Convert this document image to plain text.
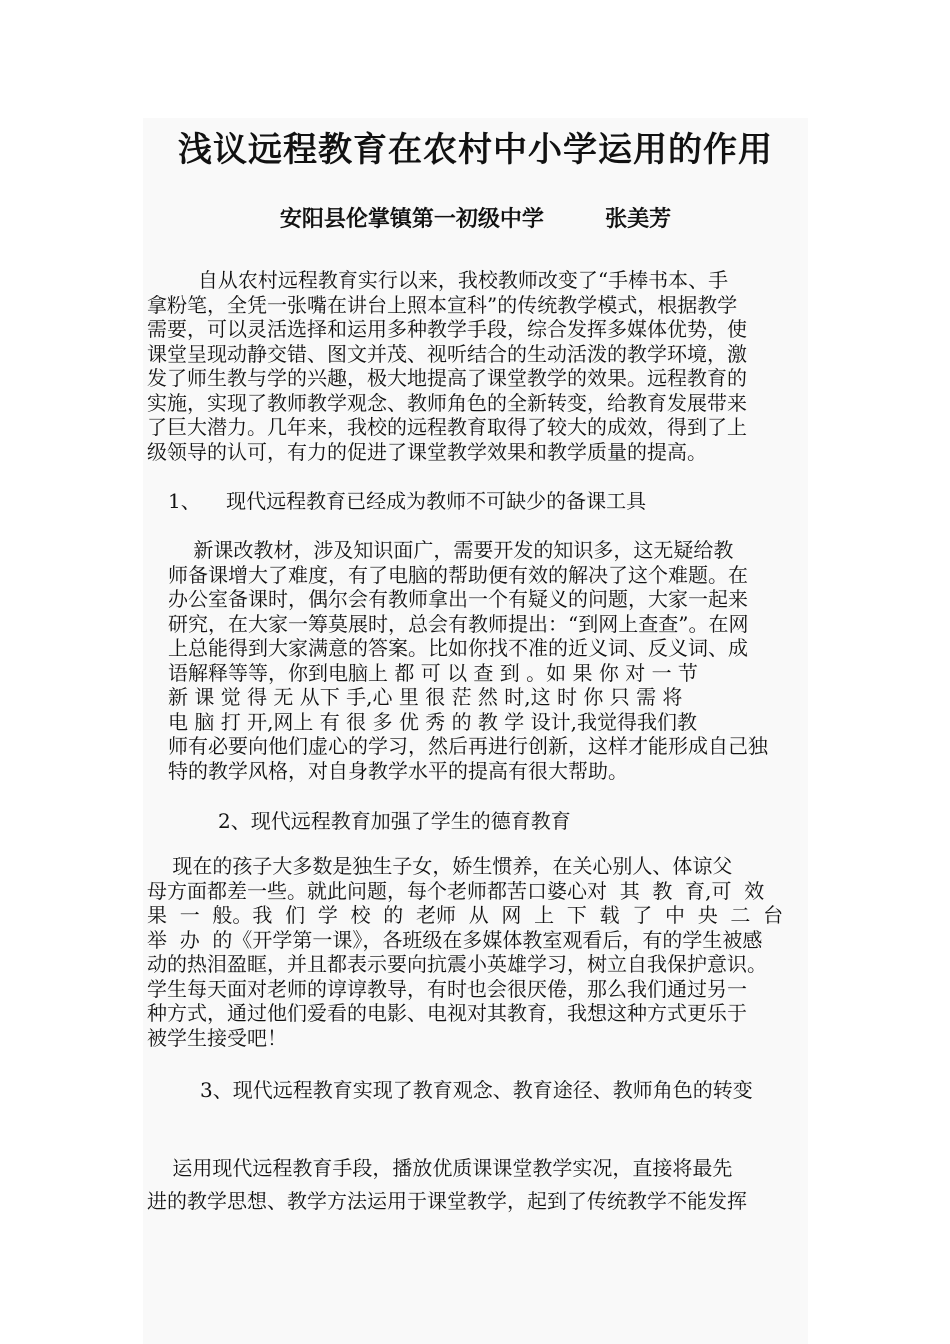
浅议远程教育在农村中小学运用的作用
安阳县伦掌镇第一初级中学        张美芳
自从农村远程教育实行以来，我校教师改变了“手棒书本、手
拿粉笔，全凭一张嘴在讲台上照本宣科”的传统教学模式，根据教学
需要，可以灵活选择和运用多种教学手段，综合发挥多媒体优势，使
课堂呈现动静交错、图文并茂、视听结合的生动活泼的教学环境，激
发了师生教与学的兴趣，极大地提高了课堂教学的效果。远程教育的
实施，实现了教师教学观念、教师角色的全新转变，给教育发展带来
了巨大潜力。几年来，我校的远程教育取得了较大的成效，得到了上
级领导的认可，有力的促进了课堂教学效果和教学质量的提高。
1、    现代远程教育已经成为教师不可缺少的备课工具
新课改教材，涉及知识面广，需要开发的知识多，这无疑给教
师备课增大了难度，有了电脑的帮助便有效的解决了这个难题。在
办公室备课时，偶尔会有教师拿出一个有疑义的问题，大家一起来
研究，在大家一筹莫展时，总会有教师提出：“到网上查查”。在网
上总能得到大家满意的答案。比如你找不准的近义词、反义词、成
语解释等等，你到电脑上 都 可 以 查 到 。如 果 你 对 一 节
新 课 觉 得 无 从下 手,心 里 很 茫 然 时,这 时 你 只 需 将
电 脑 打 开,网上 有 很 多 优 秀 的 教 学 设计,我觉得我们教
师有必要向他们虚心的学习，然后再进行创新，这样才能形成自己独
特的教学风格，对自身教学水平的提高有很大帮助。
2、现代远程教育加强了学生的德育教育
现在的孩子大多数是独生子女，娇生惯养，在关心别人、体谅父
母方面都差一些。就此问题，每个老师都苦口婆心对  其  教  育,可  效
果  一  般。我  们  学  校  的  老师  从  网  上  下  载  了  中  央  二  台
举  办  的《开学第一课》，各班级在多媒体教室观看后，有的学生被感
动的热泪盈眶，并且都表示要向抗震小英雄学习，树立自我保护意识。
学生每天面对老师的谆谆教导，有时也会很厌倦，那么我们通过另一
种方式，通过他们爱看的电影、电视对其教育，我想这种方式更乐于
被学生接受吧！
3、现代远程教育实现了教育观念、教育途径、教师角色的转变
运用现代远程教育手段，播放优质课课堂教学实况，直接将最先
进的教学思想、教学方法运用于课堂教学，起到了传统教学不能发挥
